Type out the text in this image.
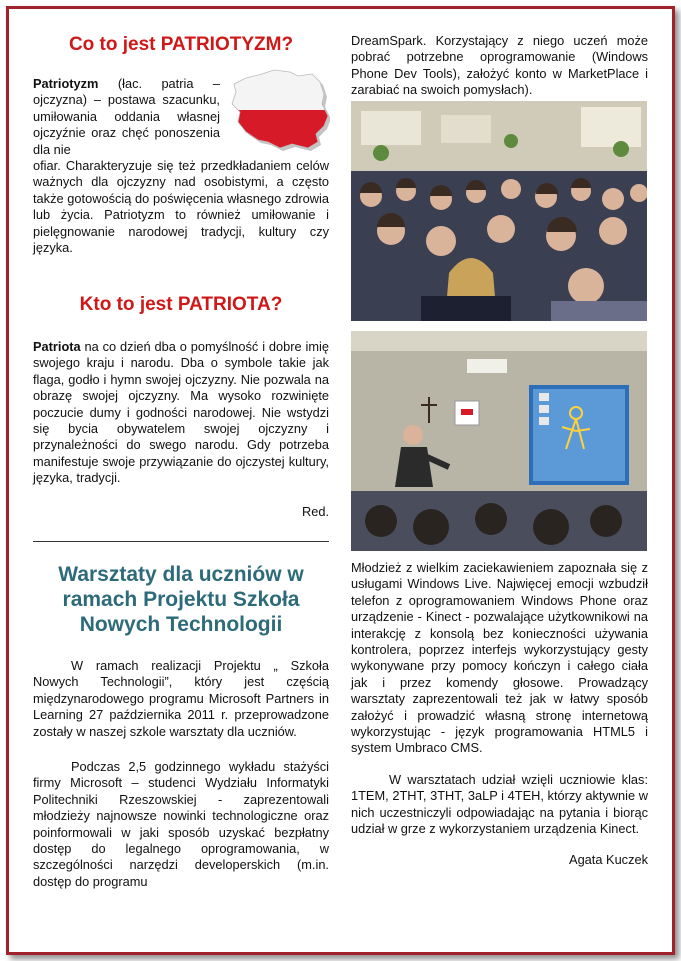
Co to jest PATRIOTYZM?

Patriotyzm (łac. patria – ojczyzna) – postawa szacunku, umiłowania oddania własnej ojczyźnie oraz chęć ponoszenia dla nie

ofiar. Charakteryzuje się też przedkładaniem celów ważnych dla ojczyzny nad osobistymi, a często także gotowością do poświęcenia własnego zdrowia lub życia. Patriotyzm to również umiłowanie i pielęgnowanie narodowej tradycji, kultury czy języka.

Kto to jest PATRIOTA?

Patriota na co dzień dba o pomyślność i dobre imię swojego kraju i narodu. Dba o symbole takie jak flaga, godło i hymn swojej ojczyzny. Nie pozwala na obrazę swojej ojczyzny. Ma wysoko rozwinięte poczucie dumy i godności narodowej. Nie wstydzi się bycia obywatelem swojej ojczyzny i przynależności do swego narodu. Gdy potrzeba manifestuje swoje przywiązanie do ojczystej kultury, języka, tradycji.

Red.

Warsztaty dla uczniów w ramach Projektu Szkoła Nowych Technologii

W ramach realizacji Projektu „ Szkoła Nowych Technologii”, który jest częścią międzynarodowego programu Microsoft Partners in Learning 27 października 2011 r. przeprowadzone zostały w naszej szkole warsztaty dla uczniów.

Podczas 2,5 godzinnego wykładu stażyści firmy Microsoft – studenci Wydziału Informatyki Politechniki Rzeszowskiej - zaprezentowali młodzieży najnowsze nowinki technologiczne oraz poinformowali w jaki sposób uzyskać bezpłatny dostęp do legalnego oprogramowania, w szczególności narzędzi developerskich (m.in. dostęp do programu

DreamSpark. Korzystający z niego uczeń może pobrać potrzebne oprogramowanie (Windows Phone Dev Tools), założyć konto w MarketPlace i zarabiać na swoich pomysłach).

Młodzież z wielkim zaciekawieniem zapoznała się z usługami Windows Live. Najwięcej emocji wzbudził telefon z oprogramowaniem Windows Phone oraz urządzenie - Kinect - pozwalające użytkownikowi na interakcję z konsolą bez konieczności używania kontrolera, poprzez interfejs wykorzystujący gesty wykonywane przy pomocy kończyn i całego ciała jak i przez komendy głosowe. Prowadzący warsztaty zaprezentowali też jak w łatwy sposób założyć i prowadzić własną stronę internetową wykorzystując - język programowania HTML5 i system Umbraco CMS.

W warsztatach udział wzięli uczniowie klas: 1TEM, 2THT, 3THT, 3aLP i 4TEH, którzy aktywnie w nich uczestniczyli odpowiadając na pytania i biorąc udział w grze z wykorzystaniem urządzenia Kinect.

Agata Kuczek
